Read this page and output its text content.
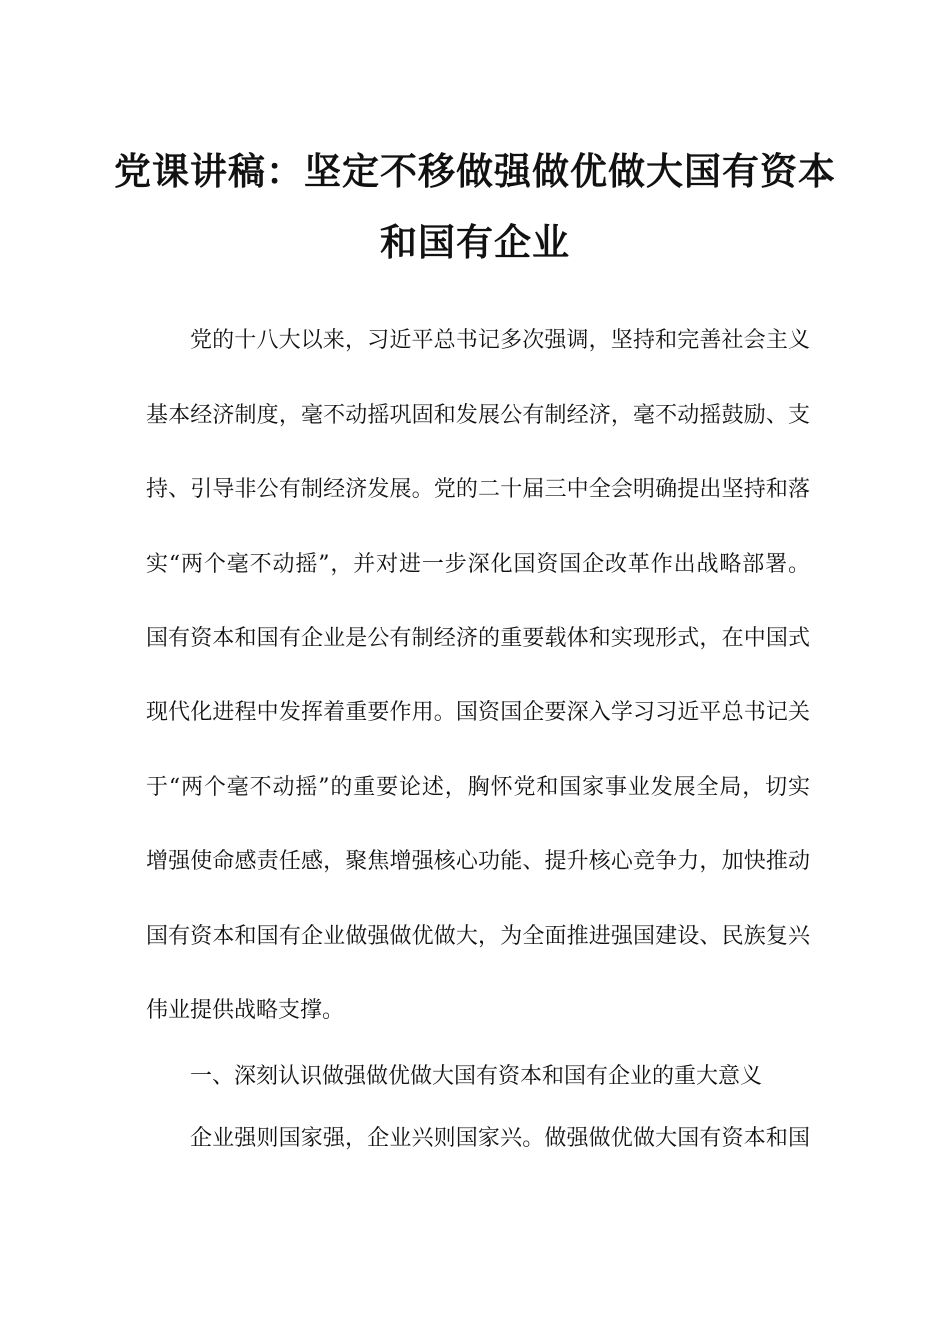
党课讲稿：坚定不移做强做优做大国有资本
和国有企业
党的十八大以来，习近平总书记多次强调，坚持和完善社会主义
基本经济制度，毫不动摇巩固和发展公有制经济，毫不动摇鼓励、支
持、引导非公有制经济发展。党的二十届三中全会明确提出坚持和落
实“两个毫不动摇”，并对进一步深化国资国企改革作出战略部署。
国有资本和国有企业是公有制经济的重要载体和实现形式，在中国式
现代化进程中发挥着重要作用。国资国企要深入学习习近平总书记关
于“两个毫不动摇”的重要论述，胸怀党和国家事业发展全局，切实
增强使命感责任感，聚焦增强核心功能、提升核心竞争力，加快推动
国有资本和国有企业做强做优做大，为全面推进强国建设、民族复兴
伟业提供战略支撑。
一、深刻认识做强做优做大国有资本和国有企业的重大意义
企业强则国家强，企业兴则国家兴。做强做优做大国有资本和国
